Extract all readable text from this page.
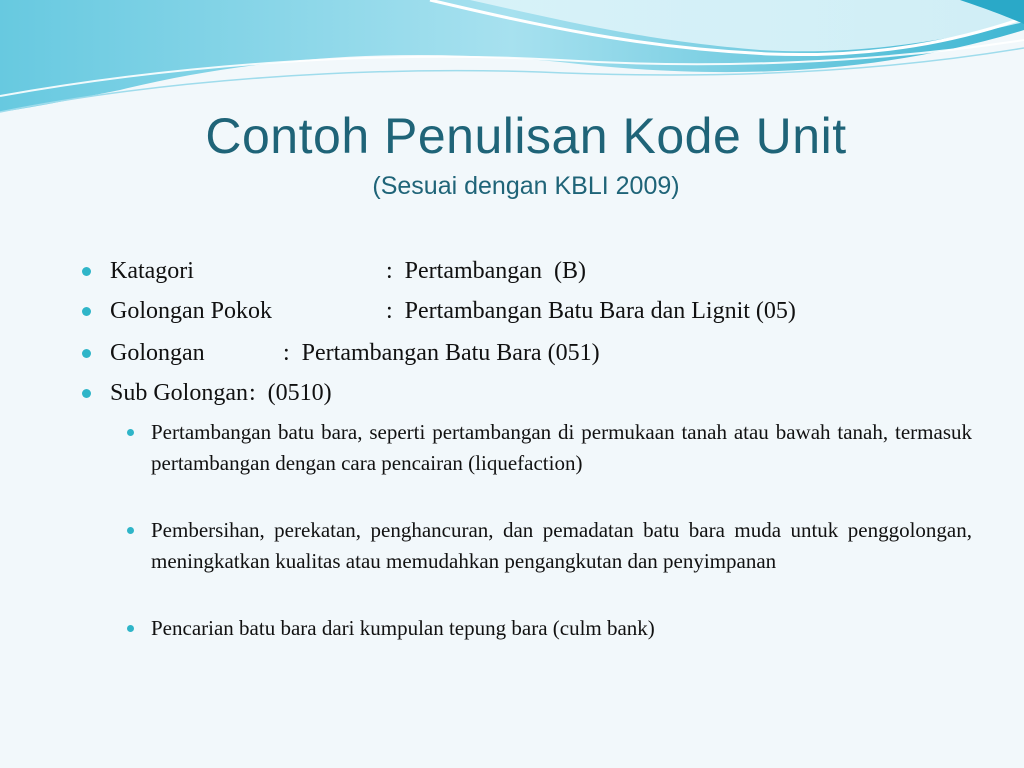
Contoh Penulisan Kode Unit
(Sesuai dengan KBLI 2009)

Katagori

	:  Pertambangan  (B)

Golongan Pokok

	:  Pertambangan Batu Bara dan Lignit (05)

Golongan

	:  Pertambangan Batu Bara (051)

Sub Golongan

:  (0510)

Pertambangan batu bara, seperti pertambangan di permukaan tanah atau bawah tanah, termasuk pertambangan dengan cara pencairan (liquefaction)
Pembersihan, perekatan, penghancuran, dan pemadatan batu bara muda untuk penggolongan, meningkatkan kualitas atau memudahkan pengangkutan dan penyimpanan
Pencarian batu bara dari kumpulan tepung bara (culm bank)
